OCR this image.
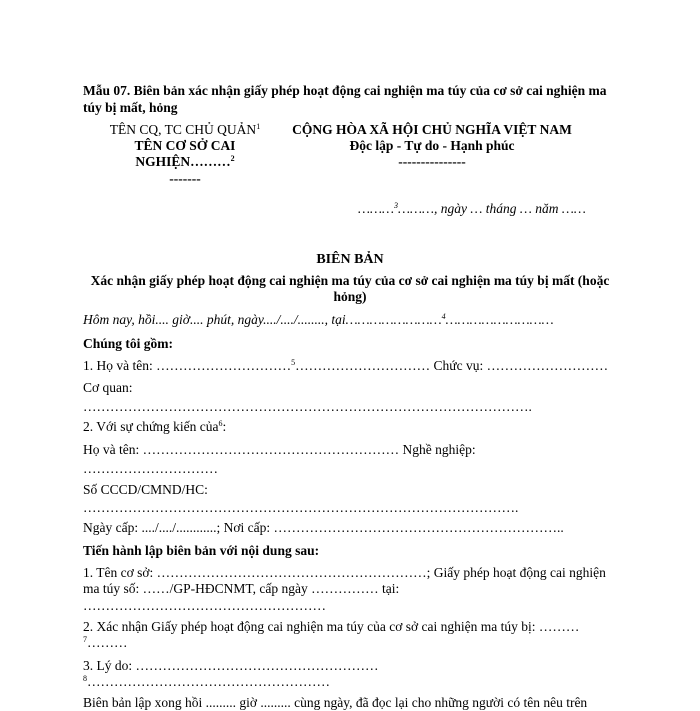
Mẫu 07. Biên bản xác nhận giấy phép hoạt động cai nghiện ma túy của cơ sở cai nghiện ma
túy bị mất, hỏng
TÊN CQ, TC CHỦ QUẢN$^1$
TÊN CƠ SỞ CAI
NGHIỆN………$^2$
-------
CỘNG HÒA XÃ HỘI CHỦ NGHĨA VIỆT NAM
Độc lập - Tự do - Hạnh phúc
---------------
………$^3$………, ngày … tháng … năm ……
BIÊN BẢN
Xác nhận giấy phép hoạt động cai nghiện ma túy của cơ sở cai nghiện ma túy bị mất (hoặc
hỏng)
Hôm nay, hồi.... giờ.... phút, ngày..../..../........, tại……………………$^4$………………………
Chúng tôi gồm:
1. Họ và tên: …………………………$^5$………………………… Chức vụ: ………………………
Cơ quan:
……………………………………………………………………………………….
2. Với sự chứng kiến của$^6$:
Họ và tên: ………………………………………………… Nghề nghiệp:
…………………………
Số CCCD/CMND/HC:
…………………………………………………………………………………….
Ngày cấp: ..../..../............; Nơi cấp: ………………………………………………………..
Tiến hành lập biên bản với nội dung sau:
1. Tên cơ sở: ……………………………………………………; Giấy phép hoạt động cai nghiện
ma túy số: ……/GP-HĐCNMT, cấp ngày …………… tại:
………………………………………………
2. Xác nhận Giấy phép hoạt động cai nghiện ma túy của cơ sở cai nghiện ma túy bị: ………
$^7$………
3. Lý do: ………………………………………………
$^8$………………………………………………
Biên bản lập xong hồi ......... giờ ......... cùng ngày, đã đọc lại cho những người có tên nêu trên
